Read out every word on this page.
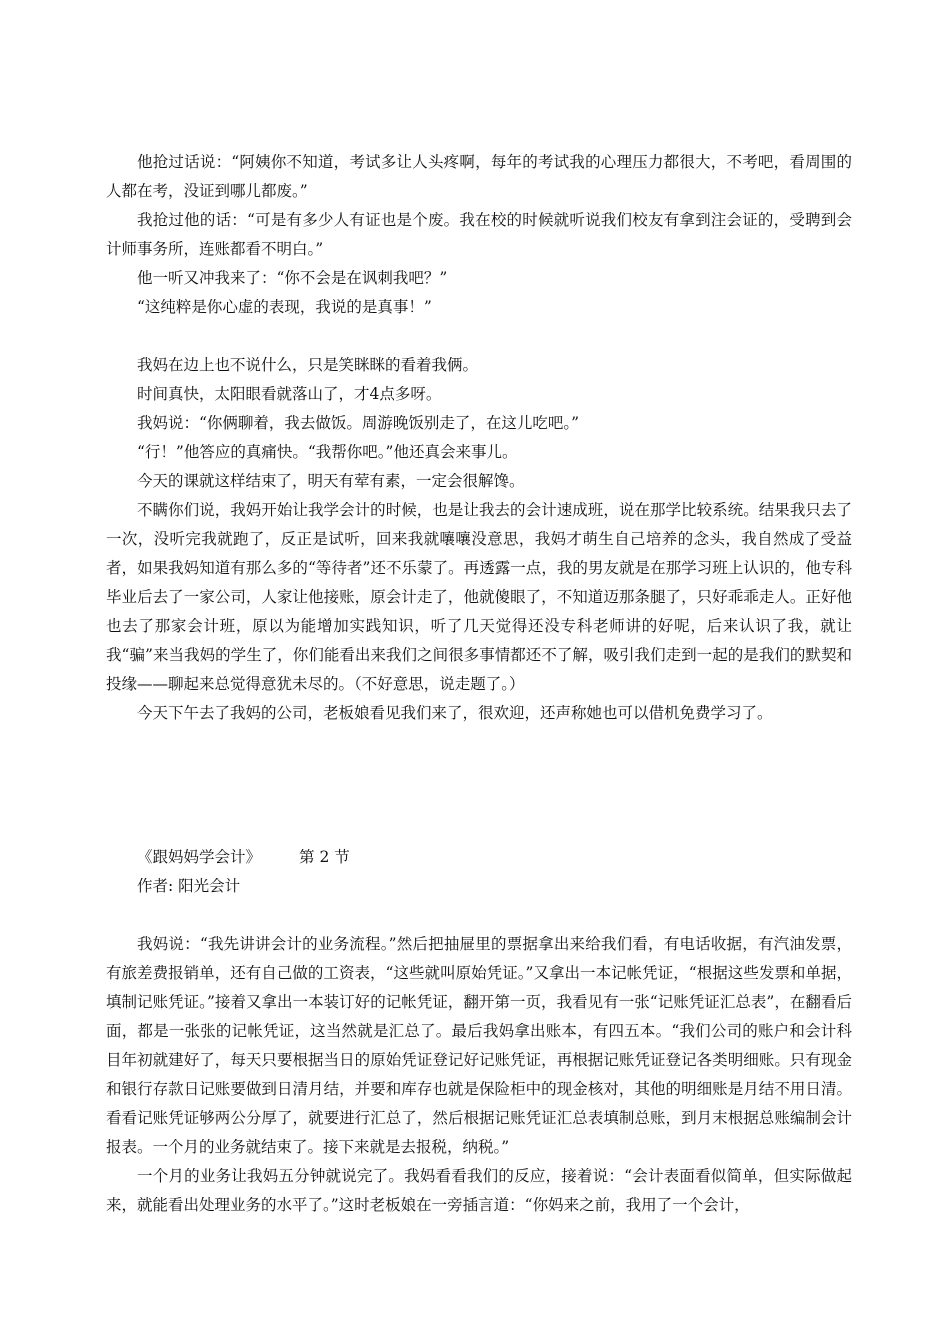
他抢过话说：“阿姨你不知道，考试多让人头疼啊，每年的考试我的心理压力都很大，不考吧，看周围的人都在考，没证到哪儿都废。”

我抢过他的话：“可是有多少人有证也是个废。我在校的时候就听说我们校友有拿到注会证的，受聘到会计师事务所，连账都看不明白。”

他一听又冲我来了：“你不会是在讽刺我吧？”

“这纯粹是你心虚的表现，我说的是真事！”

我妈在边上也不说什么，只是笑眯眯的看着我俩。

时间真快，太阳眼看就落山了，才4点多呀。

我妈说：“你俩聊着，我去做饭。周游晚饭别走了，在这儿吃吧。”

“行！”他答应的真痛快。“我帮你吧。”他还真会来事儿。

今天的课就这样结束了，明天有荤有素，一定会很解馋。

不瞒你们说，我妈开始让我学会计的时候，也是让我去的会计速成班，说在那学比较系统。结果我只去了一次，没听完我就跑了，反正是试听，回来我就嚷嚷没意思，我妈才萌生自己培养的念头，我自然成了受益者，如果我妈知道有那么多的“等待者”还不乐蒙了。再透露一点，我的男友就是在那学习班上认识的，他专科毕业后去了一家公司，人家让他接账，原会计走了，他就傻眼了，不知道迈那条腿了，只好乖乖走人。正好他也去了那家会计班，原以为能增加实践知识，听了几天觉得还没专科老师讲的好呢，后来认识了我，就让我“骗”来当我妈的学生了，你们能看出来我们之间很多事情都还不了解，吸引我们走到一起的是我们的默契和投缘——聊起来总觉得意犹未尽的。（不好意思，说走题了。）

今天下午去了我妈的公司，老板娘看见我们来了，很欢迎，还声称她也可以借机免费学习了。

《跟妈妈学会计》 第 2 节

作者: 阳光会计

我妈说：“我先讲讲会计的业务流程。”然后把抽屉里的票据拿出来给我们看，有电话收据，有汽油发票，有旅差费报销单，还有自己做的工资表，“这些就叫原始凭证。”又拿出一本记帐凭证，“根据这些发票和单据，填制记账凭证。”接着又拿出一本装订好的记帐凭证，翻开第一页，我看见有一张“记账凭证汇总表”，在翻看后面，都是一张张的记帐凭证，这当然就是汇总了。最后我妈拿出账本，有四五本。“我们公司的账户和会计科目年初就建好了，每天只要根据当日的原始凭证登记好记账凭证，再根据记账凭证登记各类明细账。只有现金和银行存款日记账要做到日清月结，并要和库存也就是保险柜中的现金核对，其他的明细账是月结不用日清。看看记账凭证够两公分厚了，就要进行汇总了，然后根据记账凭证汇总表填制总账，到月末根据总账编制会计报表。一个月的业务就结束了。接下来就是去报税，纳税。”

一个月的业务让我妈五分钟就说完了。我妈看看我们的反应，接着说：“会计表面看似简单，但实际做起来，就能看出处理业务的水平了。”这时老板娘在一旁插言道：“你妈来之前，我用了一个会计，
